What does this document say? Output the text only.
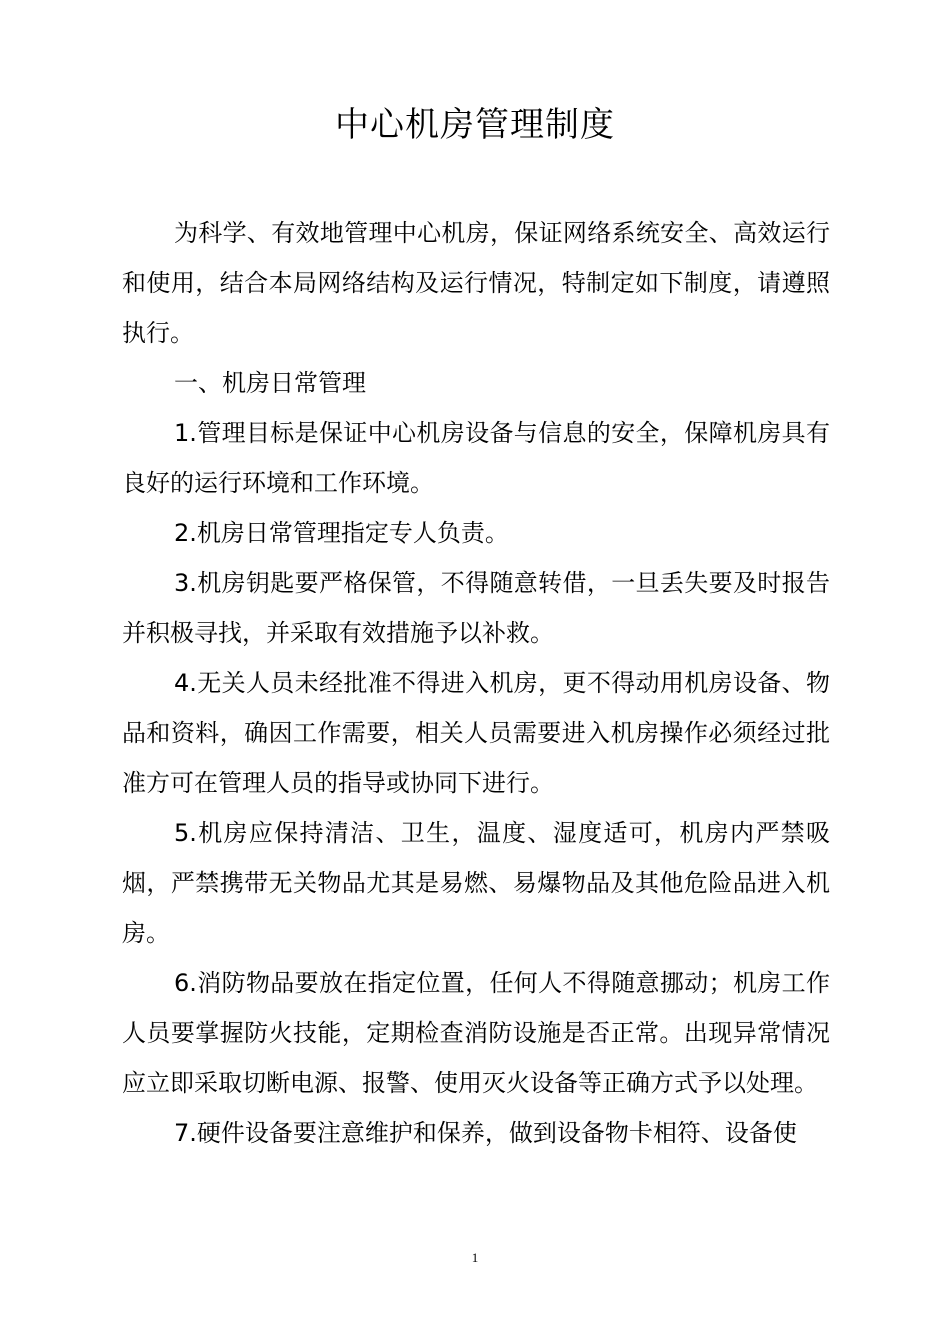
中心机房管理制度

为科学、有效地管理中心机房，保证网络系统安全、高效运行和使用，结合本局网络结构及运行情况，特制定如下制度，请遵照执行。

一、机房日常管理

1.管理目标是保证中心机房设备与信息的安全，保障机房具有良好的运行环境和工作环境。

2.机房日常管理指定专人负责。

3.机房钥匙要严格保管，不得随意转借，一旦丢失要及时报告并积极寻找，并采取有效措施予以补救。

4.无关人员未经批准不得进入机房，更不得动用机房设备、物品和资料，确因工作需要，相关人员需要进入机房操作必须经过批准方可在管理人员的指导或协同下进行。

5.机房应保持清洁、卫生，温度、湿度适可，机房内严禁吸烟，严禁携带无关物品尤其是易燃、易爆物品及其他危险品进入机房。

6.消防物品要放在指定位置，任何人不得随意挪动；机房工作人员要掌握防火技能，定期检查消防设施是否正常。出现异常情况应立即采取切断电源、报警、使用灭火设备等正确方式予以处理。

7.硬件设备要注意维护和保养，做到设备物卡相符、设备使

1
